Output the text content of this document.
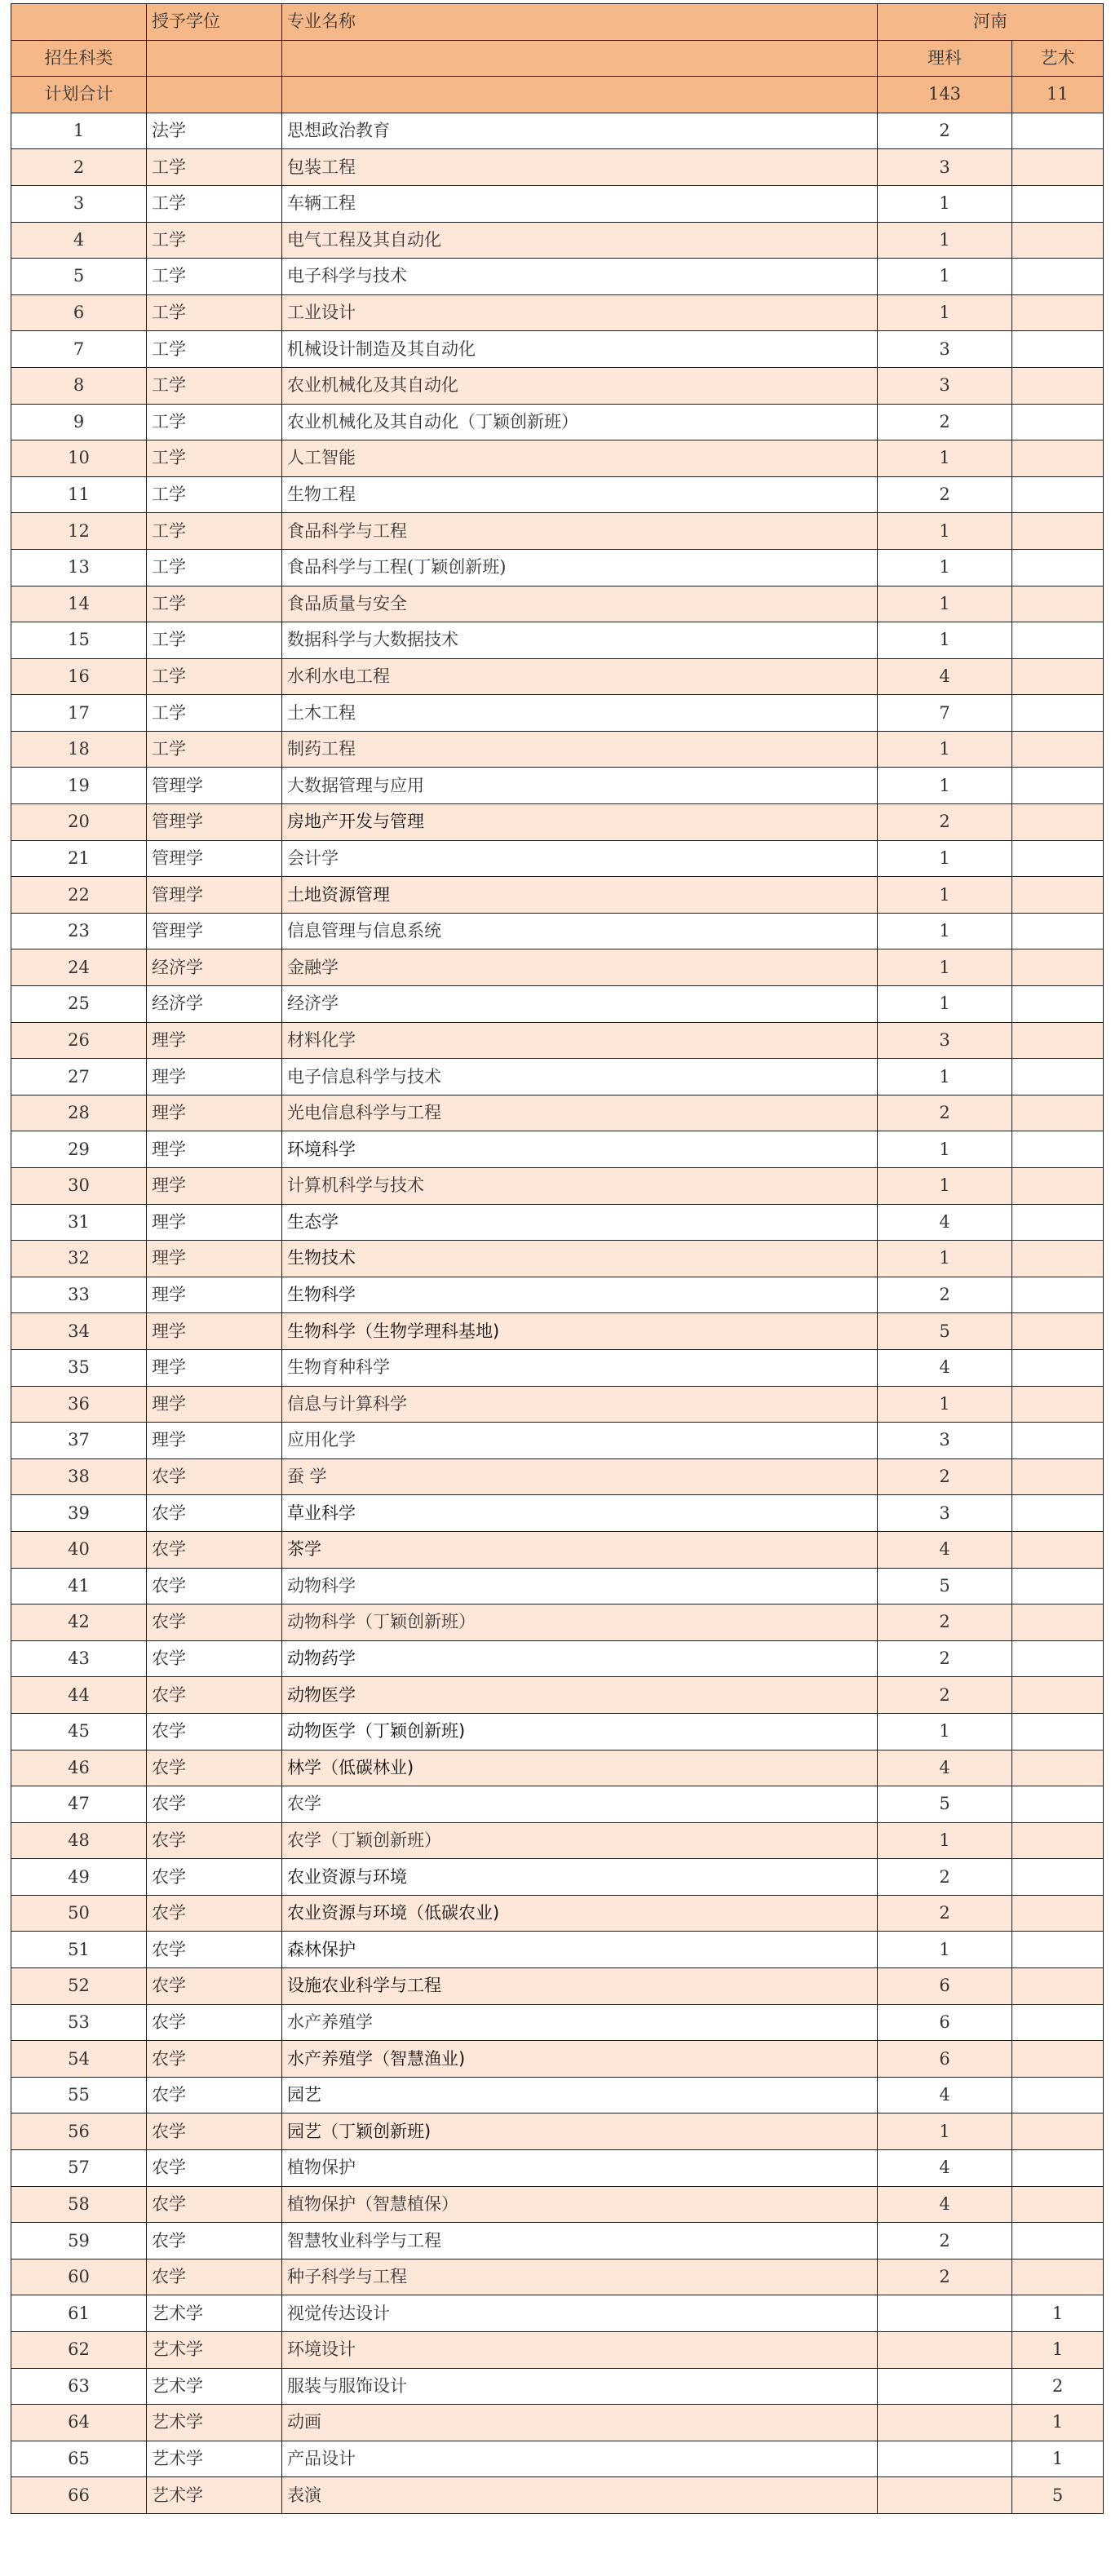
	授予学位	专业名称	河南	
招生科类			理科	艺术
计划合计			143	11
1	法学	思想政治教育	2	
2	工学	包装工程	3	
3	工学	车辆工程	1	
4	工学	电气工程及其自动化	1	
5	工学	电子科学与技术	1	
6	工学	工业设计	1	
7	工学	机械设计制造及其自动化	3	
8	工学	农业机械化及其自动化	3	
9	工学	农业机械化及其自动化（丁颖创新班）	2	
10	工学	人工智能	1	
11	工学	生物工程	2	
12	工学	食品科学与工程	1	
13	工学	食品科学与工程(丁颖创新班)	1	
14	工学	食品质量与安全	1	
15	工学	数据科学与大数据技术	1	
16	工学	水利水电工程	4	
17	工学	土木工程	7	
18	工学	制药工程	1	
19	管理学	大数据管理与应用	1	
20	管理学	房地产开发与管理	2	
21	管理学	会计学	1	
22	管理学	土地资源管理	1	
23	管理学	信息管理与信息系统	1	
24	经济学	金融学	1	
25	经济学	经济学	1	
26	理学	材料化学	3	
27	理学	电子信息科学与技术	1	
28	理学	光电信息科学与工程	2	
29	理学	环境科学	1	
30	理学	计算机科学与技术	1	
31	理学	生态学	4	
32	理学	生物技术	1	
33	理学	生物科学	2	
34	理学	生物科学（生物学理科基地)	5	
35	理学	生物育种科学	4	
36	理学	信息与计算科学	1	
37	理学	应用化学	3	
38	农学	蚕 学	2	
39	农学	草业科学	3	
40	农学	茶学	4	
41	农学	动物科学	5	
42	农学	动物科学（丁颖创新班）	2	
43	农学	动物药学	2	
44	农学	动物医学	2	
45	农学	动物医学（丁颖创新班)	1	
46	农学	林学（低碳林业)	4	
47	农学	农学	5	
48	农学	农学（丁颖创新班）	1	
49	农学	农业资源与环境	2	
50	农学	农业资源与环境（低碳农业)	2	
51	农学	森林保护	1	
52	农学	设施农业科学与工程	6	
53	农学	水产养殖学	6	
54	农学	水产养殖学（智慧渔业)	6	
55	农学	园艺	4	
56	农学	园艺（丁颖创新班)	1	
57	农学	植物保护	4	
58	农学	植物保护（智慧植保）	4	
59	农学	智慧牧业科学与工程	2	
60	农学	种子科学与工程	2	
61	艺术学	视觉传达设计		1
62	艺术学	环境设计		1
63	艺术学	服装与服饰设计		2
64	艺术学	动画		1
65	艺术学	产品设计		1
66	艺术学	表演		5
